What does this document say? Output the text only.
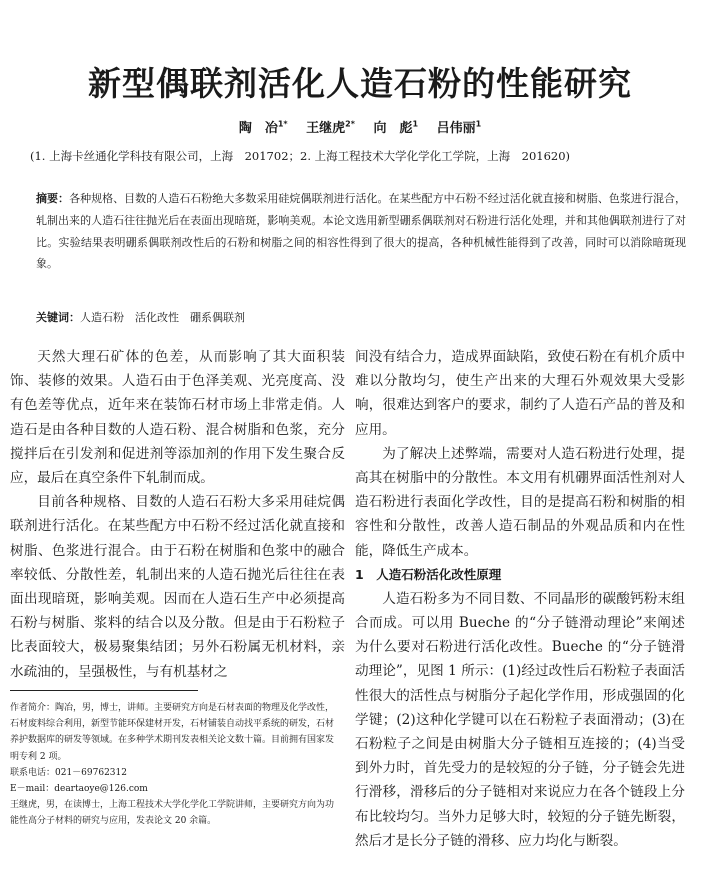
新型偶联剂活化人造石粉的性能研究
陶　冶$^{1*}$ 王继虎$^{2*}$ 向　彪$^1$ 吕伟丽$^1$
(1. 上海卡丝通化学科技有限公司，上海　201702；2. 上海工程技术大学化学化工学院，上海　201620)

摘要：各种规格、目数的人造石石粉绝大多数采用硅烷偶联剂进行活化。在某些配方中石粉不经过活化就直接和树脂、色浆进行混合，轧制出来的人造石往往抛光后在表面出现暗斑，影响美观。本论文选用新型硼系偶联剂对石粉进行活化处理，并和其他偶联剂进行了对比。实验结果表明硼系偶联剂改性后的石粉和树脂之间的相容性得到了很大的提高，各种机械性能得到了改善，同时可以消除暗斑现象。

关键词：人造石粉　活化改性　硼系偶联剂

天然大理石矿体的色差，从而影响了其大面积装饰、装修的效果。人造石由于色泽美观、光亮度高、没有色差等优点，近年来在装饰石材市场上非常走俏。人造石是由各种目数的人造石粉、混合树脂和色浆，充分搅拌后在引发剂和促进剂等添加剂的作用下发生聚合反应，最后在真空条件下轧制而成。

目前各种规格、目数的人造石石粉大多采用硅烷偶联剂进行活化。在某些配方中石粉不经过活化就直接和树脂、色浆进行混合。由于石粉在树脂和色浆中的融合率较低、分散性差，轧制出来的人造石抛光后往往在表面出现暗斑，影响美观。因而在人造石生产中必须提高石粉与树脂、浆料的结合以及分散。但是由于石粉粒子比表面较大，极易聚集结团；另外石粉属无机材料，亲水疏油的，呈强极性，与有机基材之

间没有结合力，造成界面缺陷，致使石粉在有机介质中难以分散均匀，使生产出来的大理石外观效果大受影响，很难达到客户的要求，制约了人造石产品的普及和应用。

为了解决上述弊端，需要对人造石粉进行处理，提高其在树脂中的分散性。本文用有机硼界面活性剂对人造石粉进行表面化学改性，目的是提高石粉和树脂的相容性和分散性，改善人造石制品的外观品质和内在性能，降低生产成本。

1　人造石粉活化改性原理

人造石粉多为不同目数、不同晶形的碳酸钙粉末组合而成。可以用 Bueche 的“分子链滑动理论”来阐述为什么要对石粉进行活化改性。Bueche 的“分子链滑动理论”，见图 1 所示：(1)经过改性后石粉粒子表面活性很大的活性点与树脂分子起化学作用，形成强固的化学键；(2)这种化学键可以在石粉粒子表面滑动；(3)在石粉粒子之间是由树脂大分子链相互连接的；(4)当受到外力时，首先受力的是较短的分子链，分子链会先进行滑移，滑移后的分子链相对来说应力在各个链段上分布比较均匀。当外力足够大时，较短的分子链先断裂，然后才是长分子链的滑移、应力均化与断裂。

作者简介：陶冶，男，博士，讲师。主要研究方向是石材表面的物理及化学改性，石材废料综合利用，新型节能环保建材开发，石材铺装自动找平系统的研发，石材养护数据库的研发等领域。在多种学术期刊发表相关论文数十篇。目前拥有国家发明专利 2 项。

联系电话：021－69762312

E－mail：deartaoye@126.com

王继虎，男，在读博士，上海工程技术大学化学化工学院讲师，主要研究方向为功能性高分子材料的研究与应用，发表论文 20 余篇。
